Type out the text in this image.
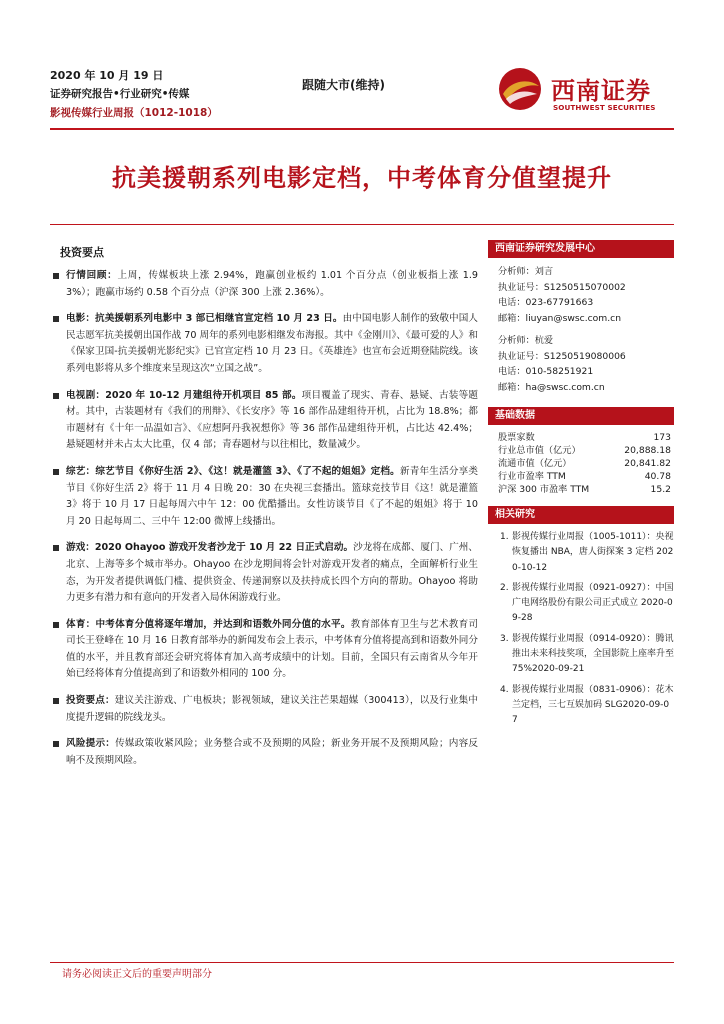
2020 年 10 月 19 日
证券研究报告•行业研究•传媒
影视传媒行业周报（1012-1018）
跟随大市(维持)	西南证券
SOUTHWEST SECURITIES
抗美援朝系列电影定档，中考体育分值望提升
投资要点
行情回顾：上周，传媒板块上涨 2.94%，跑赢创业板约 1.01 个百分点（创业板指上涨 1.93%）；跑赢市场约 0.58 个百分点（沪深 300 上涨 2.36%）。
电影：抗美援朝系列电影中 3 部已相继官宣定档 10 月 23 日。由中国电影人制作的致敬中国人民志愿军抗美援朝出国作战 70 周年的系列电影相继发布海报。其中《金刚川》、《最可爱的人》和《保家卫国-抗美援朝光影纪实》已官宣定档 10 月 23 日。《英雄连》也宣布会近期登陆院线。该系列电影将从多个维度来呈现这次“立国之战”。
电视剧：2020 年 10-12 月建组待开机项目 85 部。项目覆盖了现实、青春、悬疑、古装等题材。其中，古装题材有《我们的刑辩》、《长安序》等 16 部作品建组待开机，占比为 18.8%；都市题材有《十年一品温如言》、《应想阿丹我祝想你》等 36 部作品建组待开机，占比达 42.4%；悬疑题材并未占太大比重，仅 4 部；青春题材与以往相比，数量减少。
综艺：综艺节目《你好生活 2》、《这！就是灌篮 3》、《了不起的姐姐》定档。新青年生活分享类节目《你好生活 2》将于 11 月 4 日晚 20：30 在央视三套播出。篮球竞技节目《这！就是灌篮 3》将于 10 月 17 日起每周六中午 12：00 优酷播出。女性访谈节目《了不起的姐姐》将于 10 月 20 日起每周二、三中午 12:00 微博上线播出。
游戏：2020 Ohayoo 游戏开发者沙龙于 10 月 22 日正式启动。沙龙将在成都、厦门、广州、北京、上海等多个城市举办。Ohayoo 在沙龙期间将会针对游戏开发者的痛点，全面解析行业生态，为开发者提供调低门槛、提供资金、传递洞察以及扶持成长四个方向的帮助。Ohayoo 将助力更多有潜力和有意向的开发者入局休闲游戏行业。
体育：中考体育分值将逐年增加，并达到和语数外同分值的水平。教育部体育卫生与艺术教育司司长王登峰在 10 月 16 日教育部举办的新闻发布会上表示，中考体育分值将提高到和语数外同分值的水平，并且教育部还会研究将体育加入高考成绩中的计划。目前，全国只有云南省从今年开始已经将体育分值提高到了和语数外相同的 100 分。
投资要点：建议关注游戏、广电板块；影视领域，建议关注芒果超媒（300413），以及行业集中度提升逻辑的院线龙头。
风险提示：传媒政策收紧风险；业务整合或不及预期的风险；新业务开展不及预期风险；内容反响不及预期风险。
西南证券研究发展中心
分析师：刘言
执业证号：S1250515070002
电话：023-67791663
邮箱：liuyan@swsc.com.cn
分析师：杭爱
执业证号：S1250519080006
电话：010-58251921
邮箱：ha@swsc.com.cn
基础数据
股票家数	173
行业总市值（亿元）	20,888.18
流通市值（亿元）	20,841.82
行业市盈率 TTM	40.78
沪深 300 市盈率 TTM	15.2
相关研究
1. 影视传媒行业周报（1005-1011）：央视恢复播出 NBA，唐人街探案 3 定档 2020-10-12
2. 影视传媒行业周报（0921-0927）：中国广电网络股份有限公司正式成立 2020-09-28
3. 影视传媒行业周报（0914-0920）：腾讯推出未来科技奖项，全国影院上座率升至 75%2020-09-21
4. 影视传媒行业周报（0831-0906）：花木兰定档，三七互娱加码 SLG2020-09-07
请务必阅读正文后的重要声明部分
